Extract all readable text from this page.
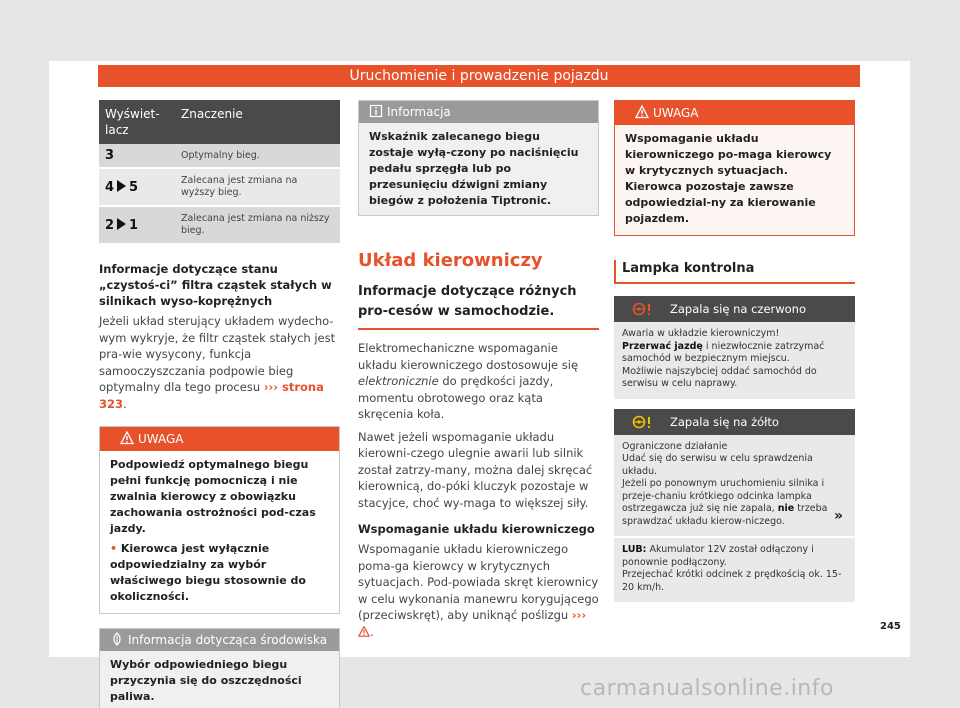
Uruchomienie i prowadzenie pojazdu
Wyświet-lacz	Znaczenie
3	Optymalny bieg.
4 5	Zalecana jest zmiana na wyższy bieg.
2 1	Zalecana jest zmiana na niższy bieg.
Informacje dotyczące stanu „czystoś-ci” filtra cząstek stałych w silnikach wyso-koprężnych
Jeżeli układ sterujący układem wydecho-wym wykryje, że filtr cząstek stałych jest pra-wie wysycony, funkcja samooczyszczania podpowie bieg optymalny dla tego procesu ››› strona 323.
UWAGA
Podpowiedź optymalnego biegu pełni funkcję pomocniczą i nie zwalnia kierowcy z obowiązku zachowania ostrożności pod-czas jazdy.
• Kierowca jest wyłącznie odpowiedzialny za wybór właściwego biegu stosownie do okoliczności.
Informacja dotycząca środowiska
Wybór odpowiedniego biegu przyczynia się do oszczędności paliwa.
Informacja
Wskaźnik zalecanego biegu zostaje wyłą-czony po naciśnięciu pedału sprzęgła lub po przesunięciu dźwigni zmiany biegów z położenia Tiptronic.
Układ kierowniczy
Informacje dotyczące różnych pro-cesów w samochodzie.
Elektromechaniczne wspomaganie układu kierowniczego dostosowuje się elektronicznie do prędkości jazdy, momentu obrotowego oraz kąta skręcenia koła.
Nawet jeżeli wspomaganie układu kierowni-czego ulegnie awarii lub silnik został zatrzy-many, można dalej skręcać kierownicą, do-póki kluczyk pozostaje w stacyjce, choć wy-maga to większej siły.
Wspomaganie układu kierowniczego
Wspomaganie układu kierowniczego poma-ga kierowcy w krytycznych sytuacjach. Pod-powiada skręt kierownicy w celu wykonania manewru korygującego (przeciwskręt), aby uniknąć poślizgu ››› .
UWAGA
Wspomaganie układu kierowniczego po-maga kierowcy w krytycznych sytuacjach. Kierowca pozostaje zawsze odpowiedzial-ny za kierowanie pojazdem.
Lampka kontrolna
Zapala się na czerwono
Awaria w układzie kierowniczym!
Przerwać jazdę i niezwłocznie zatrzymać samochód w bezpiecznym miejscu.
Możliwie najszybciej oddać samochód do serwisu w celu naprawy.
Zapala się na żółto
Ograniczone działanie
Udać się do serwisu w celu sprawdzenia układu.
Jeżeli po ponownym uruchomieniu silnika i przeje-chaniu krótkiego odcinka lampka ostrzegawcza już się nie zapala, nie trzeba sprawdzać układu kierow-niczego.
LUB: Akumulator 12V został odłączony i ponownie podłączony.
Przejechać krótki odcinek z prędkością ok. 15-20 km/h.
»
245
carmanualsonline.info
